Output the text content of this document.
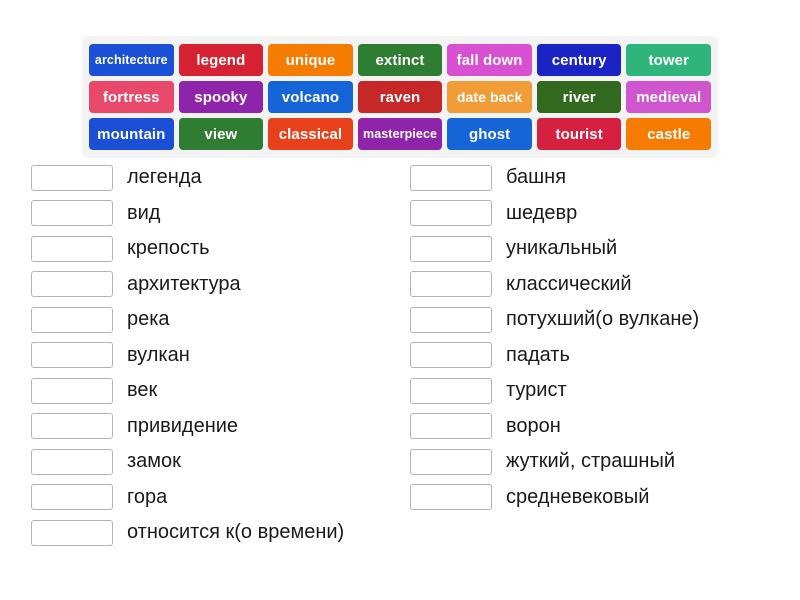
architecture	legend	unique	extinct	fall down	century	tower
fortress	spooky	volcano	raven	date back	river	medieval
mountain	view	classical	masterpiece	ghost	tourist	castle
легенда
вид
крепость
архитектура
река
вулкан
век
привидение
замок
гора
относится к(о времени)
башня
шедевр
уникальный
классический
потухший(о вулкане)
падать
турист
ворон
жуткий, страшный
средневековый
